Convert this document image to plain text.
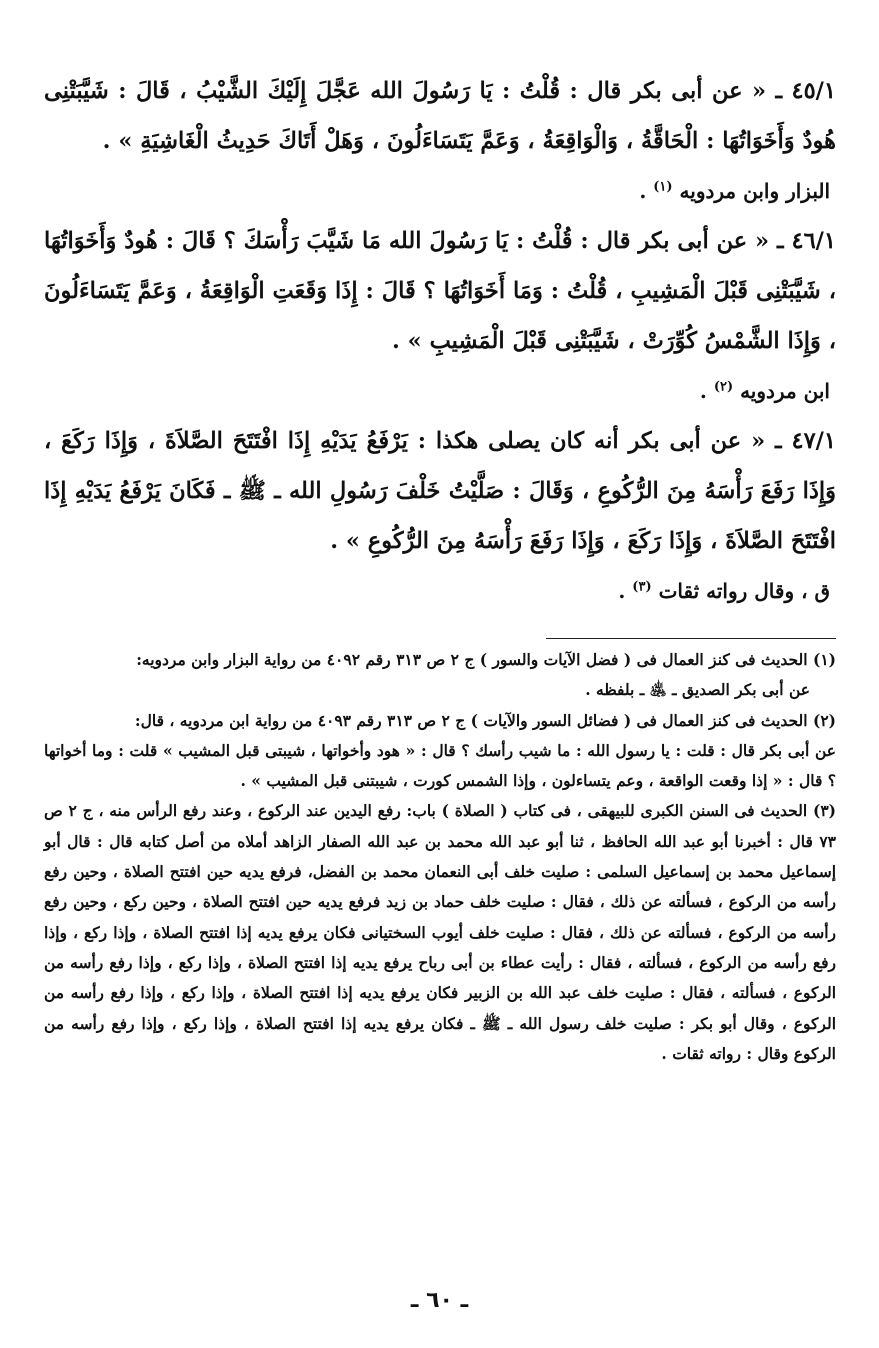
٤٥/١ ـ « عن أبى بكر قال : قُلْتُ : يَا رَسُولَ الله عَجَّلَ إِلَيْكَ الشَّيْبُ ، قَالَ : شَيَّبَتْنِى هُودٌ وَأَخَوَاتُهَا : الْحَاقَّةُ ، وَالْوَاقِعَةُ ، وَعَمَّ يَتَسَاءَلُونَ ، وَهَلْ أَتَاكَ حَدِيثُ الْغَاشِيَةِ » .

البزار وابن مردويه $^{(١)}$ .

٤٦/١ ـ « عن أبى بكر قال : قُلْتُ : يَا رَسُولَ الله مَا شَيَّبَ رَأْسَكَ ؟ قَالَ : هُودٌ وَأَخَوَاتُهَا ، شَيَّبَتْنِى قَبْلَ الْمَشِيبِ ، قُلْتُ : وَمَا أَخَوَاتُهَا ؟ قَالَ : إِذَا وَقَعَتِ الْوَاقِعَةُ ، وَعَمَّ يَتَسَاءَلُونَ ، وَإِذَا الشَّمْسُ كُوِّرَتْ ، شَيَّبَتْنِى قَبْلَ الْمَشِيبِ » .

ابن مردويه $^{(٢)}$ .

٤٧/١ ـ « عن أبى بكر أنه كان يصلى هكذا : يَرْفَعُ يَدَيْهِ إِذَا افْتَتَحَ الصَّلاَةَ ، وَإِذَا رَكَعَ ، وَإِذَا رَفَعَ رَأْسَهُ مِنَ الرُّكُوعِ ، وَقَالَ : صَلَّيْتُ خَلْفَ رَسُولِ الله ـ ﷺ ـ فَكَانَ يَرْفَعُ يَدَيْهِ إِذَا افْتَتَحَ الصَّلاَةَ ، وَإِذَا رَكَعَ ، وَإِذَا رَفَعَ رَأْسَهُ مِنَ الرُّكُوعِ » .

ق ، وقال رواته ثقات $^{(٣)}$ .

(١) الحديث فى كنز العمال فى ( فضل الآيات والسور ) ج ٢ ص ٣١٣ رقم ٤٠٩٢ من رواية البزار وابن مردويه:

عن أبى بكر الصديق ـ ﵁ ـ بلفظه .

(٢) الحديث فى كنز العمال فى ( فضائل السور والآيات ) ج ٢ ص ٣١٣ رقم ٤٠٩٣ من رواية ابن مردويه ، قال:

عن أبى بكر قال : قلت : يا رسول الله : ما شيب رأسك ؟ قال : « هود وأخواتها ، شيبتى قبل المشيب » قلت : وما أخواتها ؟ قال : « إذا وقعت الواقعة ، وعم يتساءلون ، وإذا الشمس كورت ، شيبتنى قبل المشيب » .

(٣) الحديث فى السنن الكبرى للبيهقى ، فى كتاب ( الصلاة ) باب: رفع اليدين عند الركوع ، وعند رفع الرأس منه ، ج ٢ ص ٧٣ قال : أخبرنا أبو عبد الله الحافظ ، ثنا أبو عبد الله محمد بن عبد الله الصفار الزاهد أملاه من أصل كتابه قال : قال أبو إسماعيل محمد بن إسماعيل السلمى : صليت خلف أبى النعمان محمد بن الفضل، فرفع يديه حين افتتح الصلاة ، وحين رفع رأسه من الركوع ، فسألته عن ذلك ، فقال : صليت خلف حماد بن زيد فرفع يديه حين افتتح الصلاة ، وحين ركع ، وحين رفع رأسه من الركوع ، فسألته عن ذلك ، فقال : صليت خلف أيوب السختيانى فكان يرفع يديه إذا افتتح الصلاة ، وإذا ركع ، وإذا رفع رأسه من الركوع ، فسألته ، فقال : رأيت عطاء بن أبى رباح يرفع يديه إذا افتتح الصلاة ، وإذا ركع ، وإذا رفع رأسه من الركوع ، فسألته ، فقال : صليت خلف عبد الله بن الزبير فكان يرفع يديه إذا افتتح الصلاة ، وإذا ركع ، وإذا رفع رأسه من الركوع ، وقال أبو بكر : صليت خلف رسول الله ـ ﷺ ـ فكان يرفع يديه إذا افتتح الصلاة ، وإذا ركع ، وإذا رفع رأسه من الركوع وقال : رواته ثقات .

ـ ٦٠ ـ
